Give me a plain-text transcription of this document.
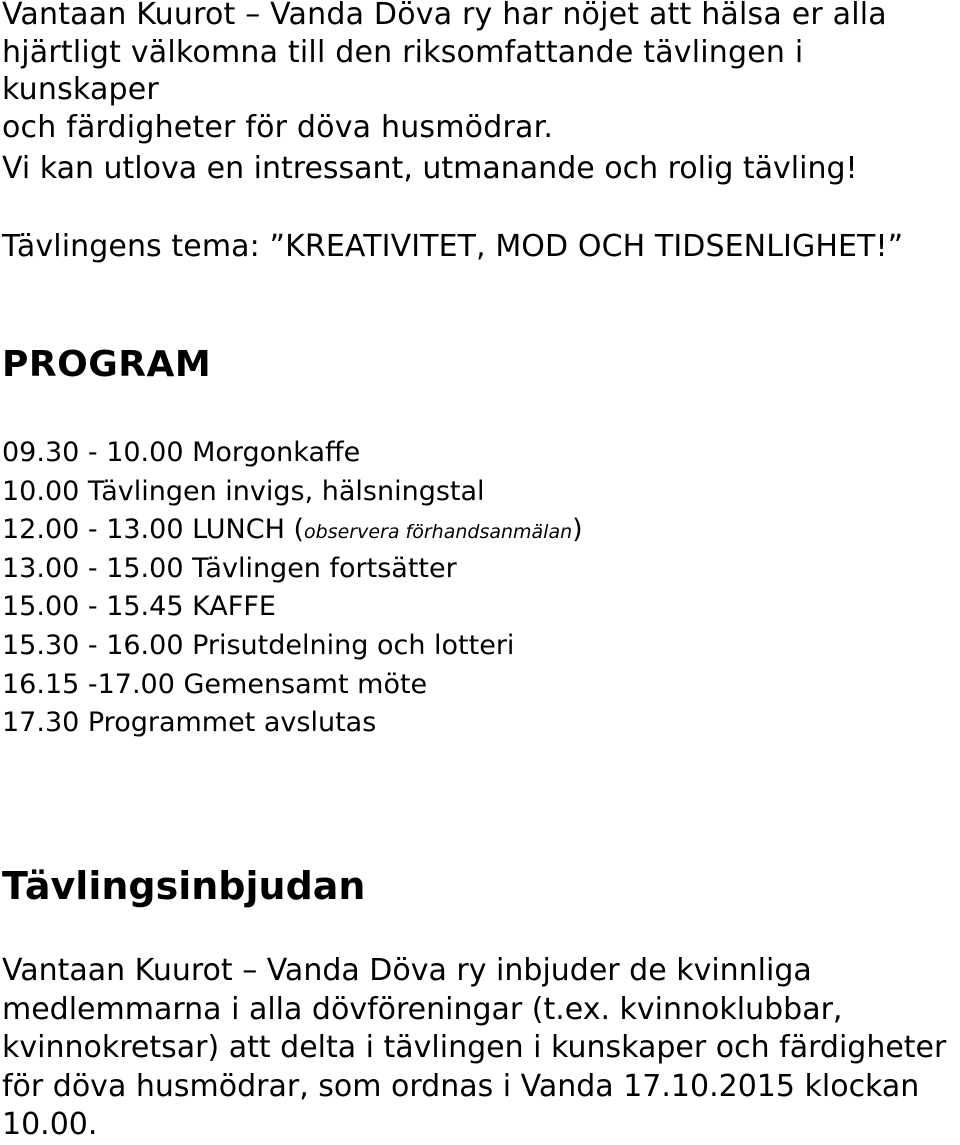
Vantaan Kuurot – Vanda Döva ry har nöjet att hälsa er alla
hjärtligt välkomna till den riksomfattande tävlingen i kunskaper
och färdigheter för döva husmödrar.

Vi kan utlova en intressant, utmanande och rolig tävling!

Tävlingens tema: ”KREATIVITET, MOD OCH TIDSENLIGHET!”

PROGRAM
09.30 - 10.00 Morgonkaffe
10.00 Tävlingen invigs, hälsningstal
12.00 - 13.00 LUNCH (observera förhandsanmälan)
13.00 - 15.00 Tävlingen fortsätter
15.00 - 15.45 KAFFE
15.30 - 16.00 Prisutdelning och lotteri
16.15 -17.00 Gemensamt möte
17.30 Programmet avslutas
Tävlingsinbjudan

Vantaan Kuurot – Vanda Döva ry inbjuder de kvinnliga
medlemmarna i alla dövföreningar (t.ex. kvinnoklubbar,
kvinnokretsar) att delta i tävlingen i kunskaper och färdigheter
för döva husmödrar, som ordnas i Vanda 17.10.2015 klockan
10.00.
